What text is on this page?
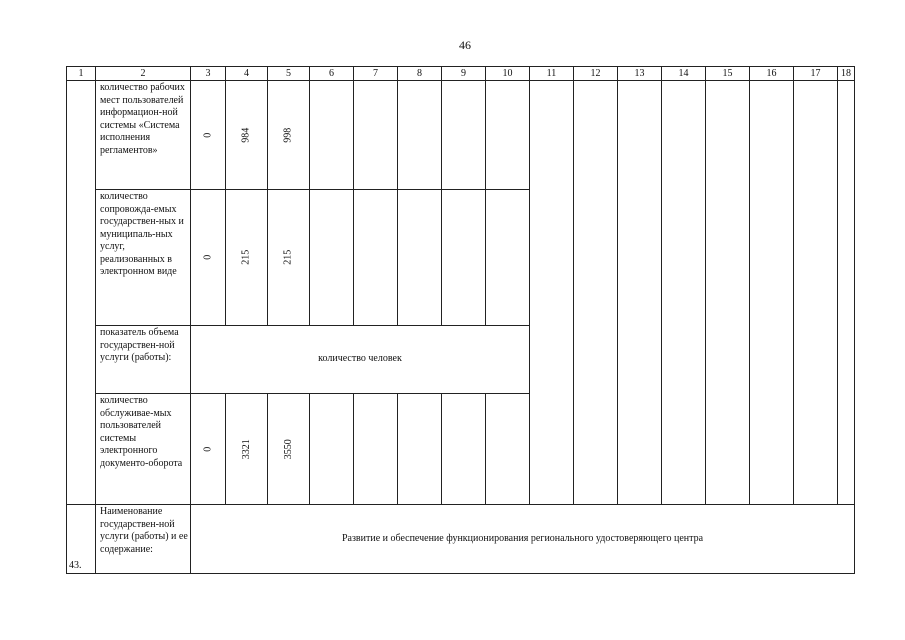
46
1	2	3	4	5	6	7	8	9	10	11	12	13	14	15	16	17	18
	количество рабочих мест пользователей информацион-ной системы «Система исполнения регламентов»	0	984	998													
	количество сопровожда-емых государствен-ных и муниципаль-ных услуг, реализованных в электронном виде	0	215	215													
	показатель объема государствен-ной услуги (работы):	количество человек															
	количество обслуживае-мых пользователей системы электронного документо-оборота	0	3321	3550													
43.	Наименование государствен-ной услуги (работы) и ее содержание:	Развитие и обеспечение функционирования регионального удостоверяющего центра															
